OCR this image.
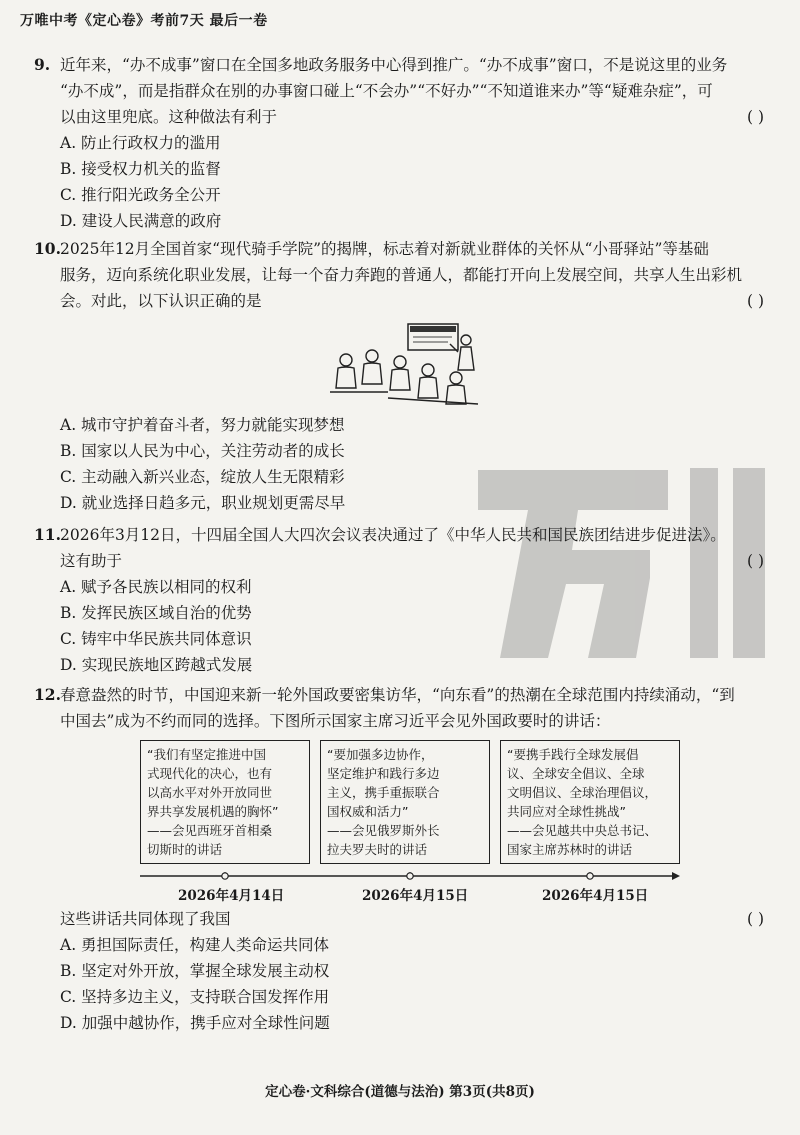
万唯中考《定心卷》考前7天 最后一卷
9. 近年来，“办不成事”窗口在全国多地政务服务中心得到推广。“办不成事”窗口，不是说这里的业务
“办不成”，而是指群众在别的办事窗口碰上“不会办”“不好办”“不知道谁来办”等“疑难杂症”，可
以由这里兜底。这种做法有利于	( )
A. 防止行政权力的滥用
B. 接受权力机关的监督
C. 推行阳光政务全公开
D. 建设人民满意的政府
10.2025年12月全国首家“现代骑手学院”的揭牌，标志着对新就业群体的关怀从“小哥驿站”等基础
服务，迈向系统化职业发展，让每一个奋力奔跑的普通人，都能打开向上发展空间，共享人生出彩机
会。对此，以下认识正确的是	( )
A. 城市守护着奋斗者，努力就能实现梦想
B. 国家以人民为中心，关注劳动者的成长
C. 主动融入新兴业态，绽放人生无限精彩
D. 就业选择日趋多元，职业规划更需尽早
11.2026年3月12日，十四届全国人大四次会议表决通过了《中华人民共和国民族团结进步促进法》。
这有助于	( )
A. 赋予各民族以相同的权利
B. 发挥民族区域自治的优势
C. 铸牢中华民族共同体意识
D. 实现民族地区跨越式发展
12.春意盎然的时节，中国迎来新一轮外国政要密集访华，“向东看”的热潮在全球范围内持续涌动，“到
中国去”成为不约而同的选择。下图所示国家主席习近平会见外国政要时的讲话：
“我们有坚定推进中国
式现代化的决心，也有
以高水平对外开放同世
界共享发展机遇的胸怀”
——会见西班牙首相桑
切斯时的讲话
“要加强多边协作，
坚定维护和践行多边
主义，携手重振联合
国权威和活力”
——会见俄罗斯外长
拉夫罗夫时的讲话
“要携手践行全球发展倡
议、全球安全倡议、全球
文明倡议、全球治理倡议，
共同应对全球性挑战”
——会见越共中央总书记、
国家主席苏林时的讲话
2026年4月14日	2026年4月15日	2026年4月15日
这些讲话共同体现了我国	( )
A. 勇担国际责任，构建人类命运共同体
B. 坚定对外开放，掌握全球发展主动权
C. 坚持多边主义，支持联合国发挥作用
D. 加强中越协作，携手应对全球性问题
定心卷·文科综合(道德与法治) 第3页(共8页)
